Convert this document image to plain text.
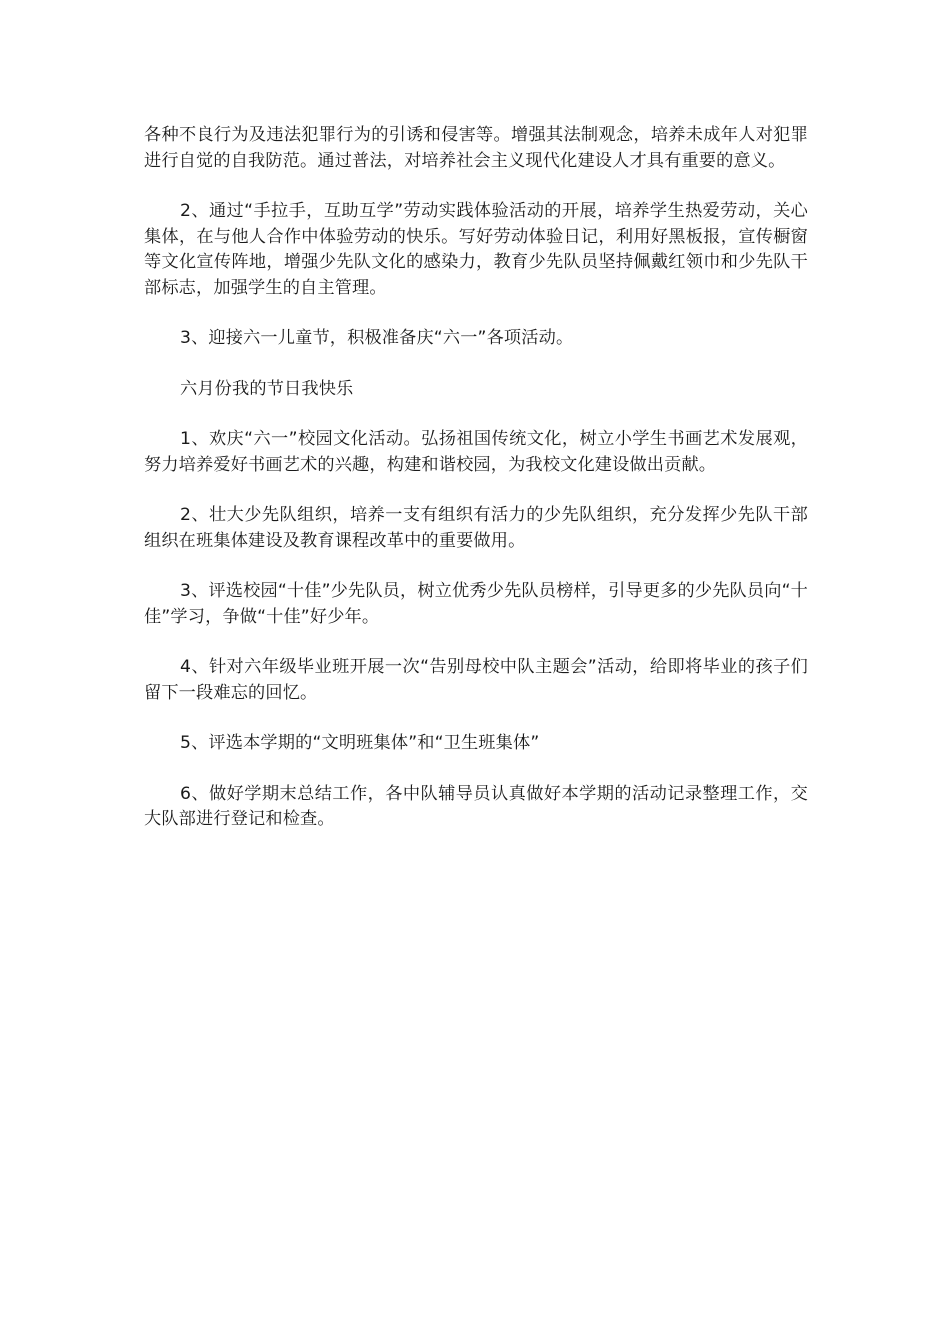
各种不良行为及违法犯罪行为的引诱和侵害等。增强其法制观念，培养未成年人对犯罪进行自觉的自我防范。通过普法，对培养社会主义现代化建设人才具有重要的意义。

2、通过“手拉手，互助互学”劳动实践体验活动的开展，培养学生热爱劳动，关心集体，在与他人合作中体验劳动的快乐。写好劳动体验日记，利用好黑板报，宣传橱窗等文化宣传阵地，增强少先队文化的感染力，教育少先队员坚持佩戴红领巾和少先队干部标志，加强学生的自主管理。

3、迎接六一儿童节，积极准备庆“六一”各项活动。

六月份我的节日我快乐

1、欢庆“六一”校园文化活动。弘扬祖国传统文化，树立小学生书画艺术发展观，努力培养爱好书画艺术的兴趣，构建和谐校园，为我校文化建设做出贡献。

2、壮大少先队组织，培养一支有组织有活力的少先队组织，充分发挥少先队干部组织在班集体建设及教育课程改革中的重要做用。

3、评选校园“十佳”少先队员，树立优秀少先队员榜样，引导更多的少先队员向“十佳”学习，争做“十佳”好少年。

4、针对六年级毕业班开展一次“告别母校中队主题会”活动，给即将毕业的孩子们留下一段难忘的回忆。

5、评选本学期的“文明班集体”和“卫生班集体”

6、做好学期末总结工作，各中队辅导员认真做好本学期的活动记录整理工作，交大队部进行登记和检查。
